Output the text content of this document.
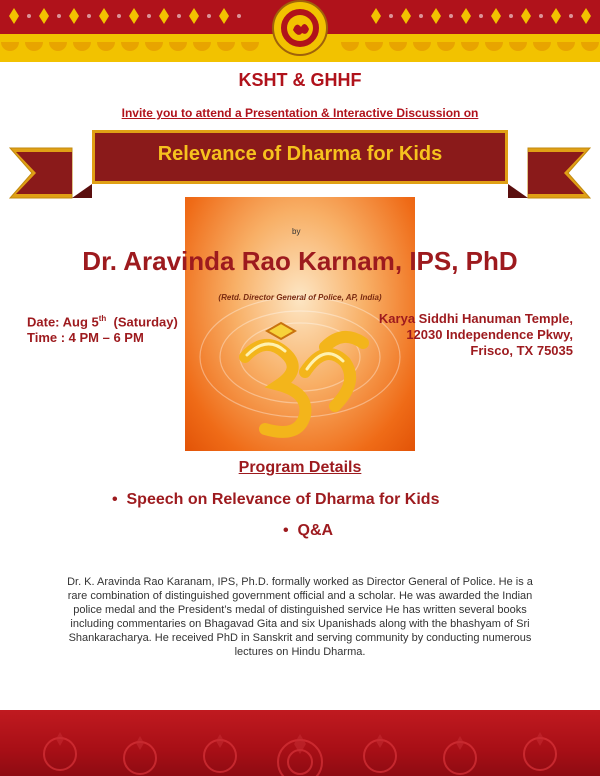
KSHT & GHHF
Invite you to attend a Presentation & Interactive Discussion on
Relevance of Dharma for Kids
by
Dr. Aravinda Rao Karnam, IPS, PhD
(Retd. Director General of Police, AP, India)
Date: Aug 5th  (Saturday)
Time : 4 PM – 6 PM
Karya Siddhi Hanuman Temple,
12030 Independence Pkwy,
Frisco, TX 75035
Program Details
•  Speech on Relevance of Dharma for Kids
•  Q&A
Dr. K. Aravinda Rao Karanam, IPS, Ph.D. formally worked as Director General of Police. He is a rare combination of distinguished government official and a scholar. He was awarded the Indian police medal and the President’s medal of distinguished service He has written several books including commentaries on Bhagavad Gita and six Upanishads along with the bhashyam of Sri Shankaracharya. He received PhD in Sanskrit and serving community by conducting numerous lectures on Hindu Dharma.
